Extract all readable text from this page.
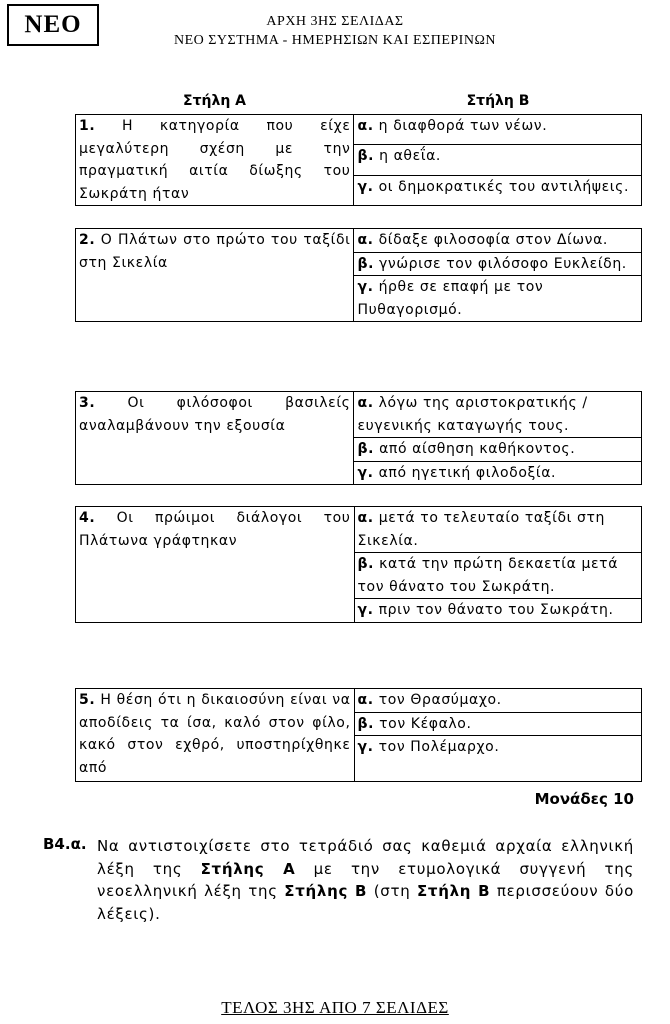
ΝΕΟ	ΑΡΧΗ 3ΗΣ ΣΕΛΙΔΑΣ
ΝΕΟ ΣΥΣΤΗΜΑ - ΗΜΕΡΗΣΙΩΝ ΚΑΙ ΕΣΠΕΡΙΝΩΝ
Στήλη Α	Στήλη Β
1. Η κατηγορία που είχε μεγαλύτερη σχέση με την πραγματική αιτία δίωξης του Σωκράτη ήταν	α. η διαφθορά των νέων.
β. η αθεΐα.
γ. οι δημοκρατικές του αντιλήψεις.
2. Ο Πλάτων στο πρώτο του ταξίδι στη Σικελία	α. δίδαξε φιλοσοφία στον Δίωνα.
β. γνώρισε τον φιλόσοφο Ευκλείδη.
γ. ήρθε σε επαφή με τον Πυθαγορισμό.
3. Οι φιλόσοφοι βασιλείς αναλαμβάνουν την εξουσία	α. λόγω της αριστοκρατικής / ευγενικής καταγωγής τους.
β. από αίσθηση καθήκοντος.
γ. από ηγετική φιλοδοξία.
4. Οι πρώιμοι διάλογοι του Πλάτωνα γράφτηκαν	α. μετά το τελευταίο ταξίδι στη Σικελία.
β. κατά την πρώτη δεκαετία μετά τον θάνατο του Σωκράτη.
γ. πριν τον θάνατο του Σωκράτη.
5. Η θέση ότι η δικαιοσύνη είναι να αποδίδεις τα ίσα, καλό στον φίλο, κακό στον εχθρό, υποστηρίχθηκε από	α. τον Θρασύμαχο.
β. τον Κέφαλο.
γ. τον Πολέμαρχο.
Μονάδες 10
Β4.α. Να αντιστοιχίσετε στο τετράδιό σας καθεμιά αρχαία ελληνική λέξη της Στήλης Α με την ετυμολογικά συγγενή της νεοελληνική λέξη της Στήλης Β (στη Στήλη Β περισσεύουν δύο λέξεις).
ΤΕΛΟΣ 3ΗΣ ΑΠΟ 7 ΣΕΛΙΔΕΣ
